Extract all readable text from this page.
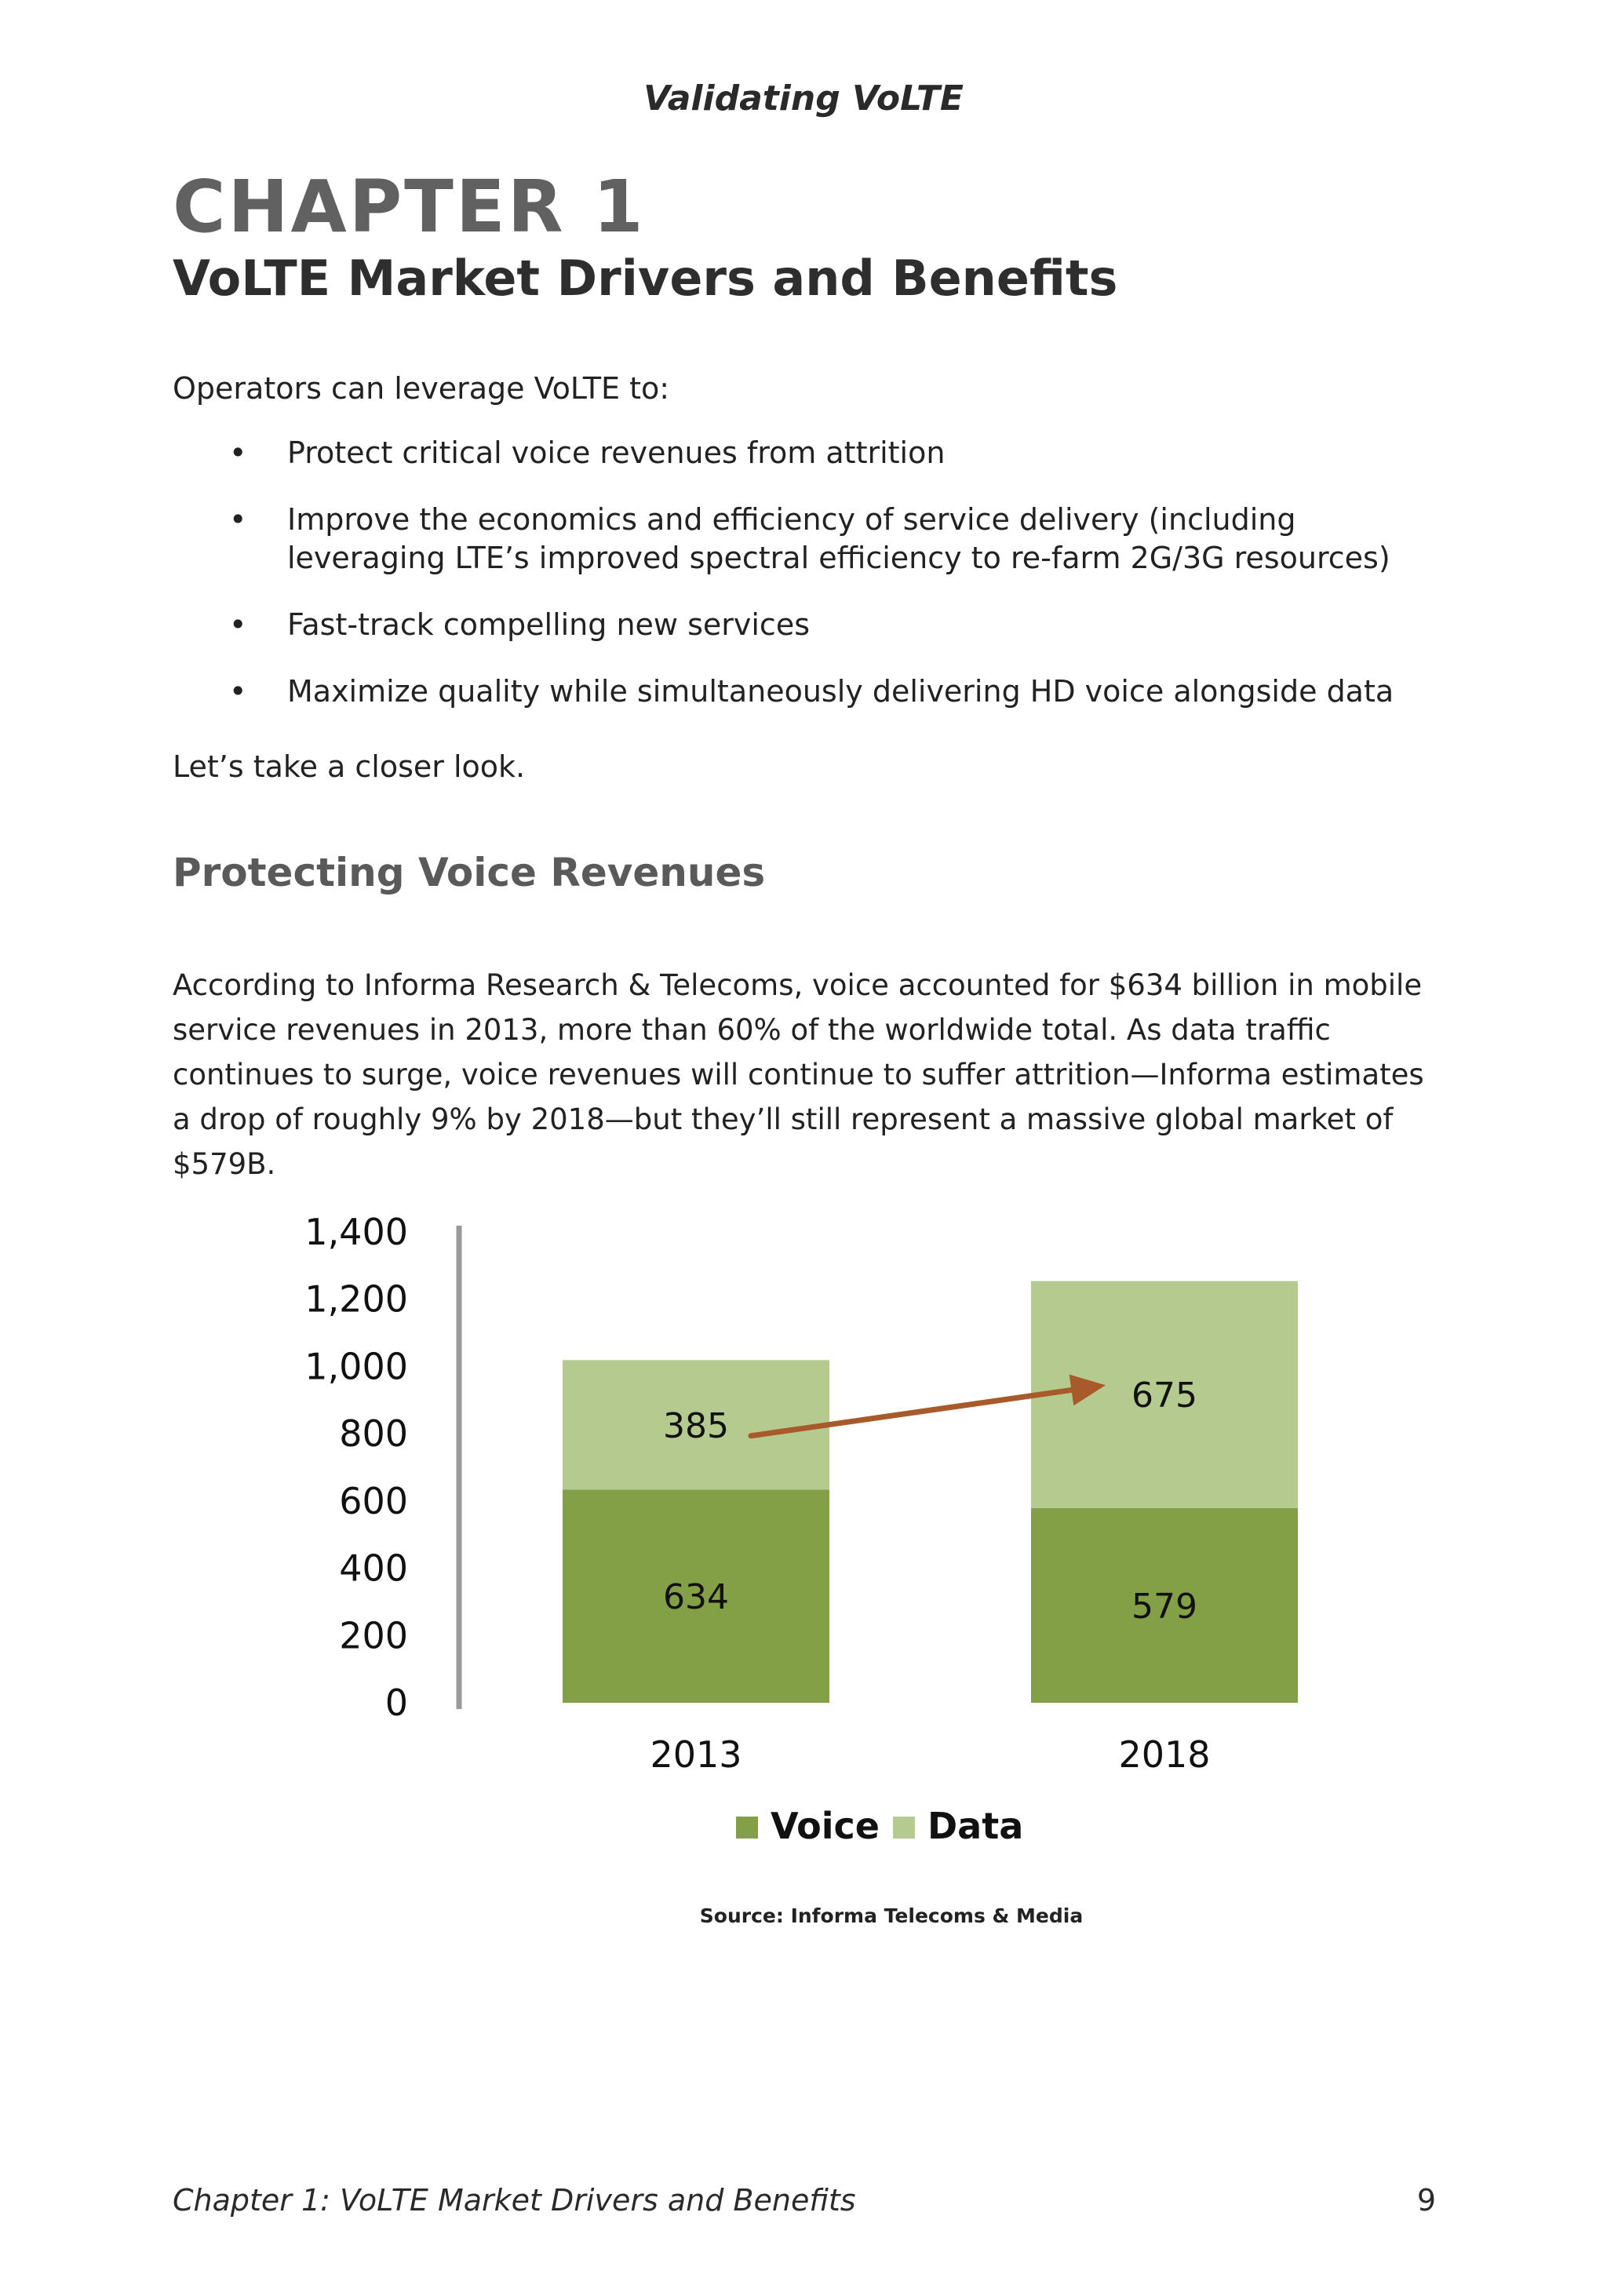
Validating VoLTE
CHAPTER 1
VoLTE Market Drivers and Benefits
Operators can leverage VoLTE to:
• Protect critical voice revenues from attrition
• Improve the economics and efficiency of service delivery (including leveraging LTE’s improved spectral efficiency to re-farm 2G/3G resources)
• Fast-track compelling new services
• Maximize quality while simultaneously delivering HD voice alongside data
Let’s take a closer look.
Protecting Voice Revenues

According to Informa Research & Telecoms, voice accounted for $634 billion in mobile service revenues in 2013, more than 60% of the worldwide total. As data traffic continues to surge, voice revenues will continue to suffer attrition—Informa estimates a drop of roughly 9% by 2018—but they’ll still represent a massive global market of $579B.

0
200
400
600
800
1,000
1,200
1,400
634
385
579
675
2013	2018
Voice Data
Source: Informa Telecoms & Media
Chapter 1: VoLTE Market Drivers and Benefits	9
